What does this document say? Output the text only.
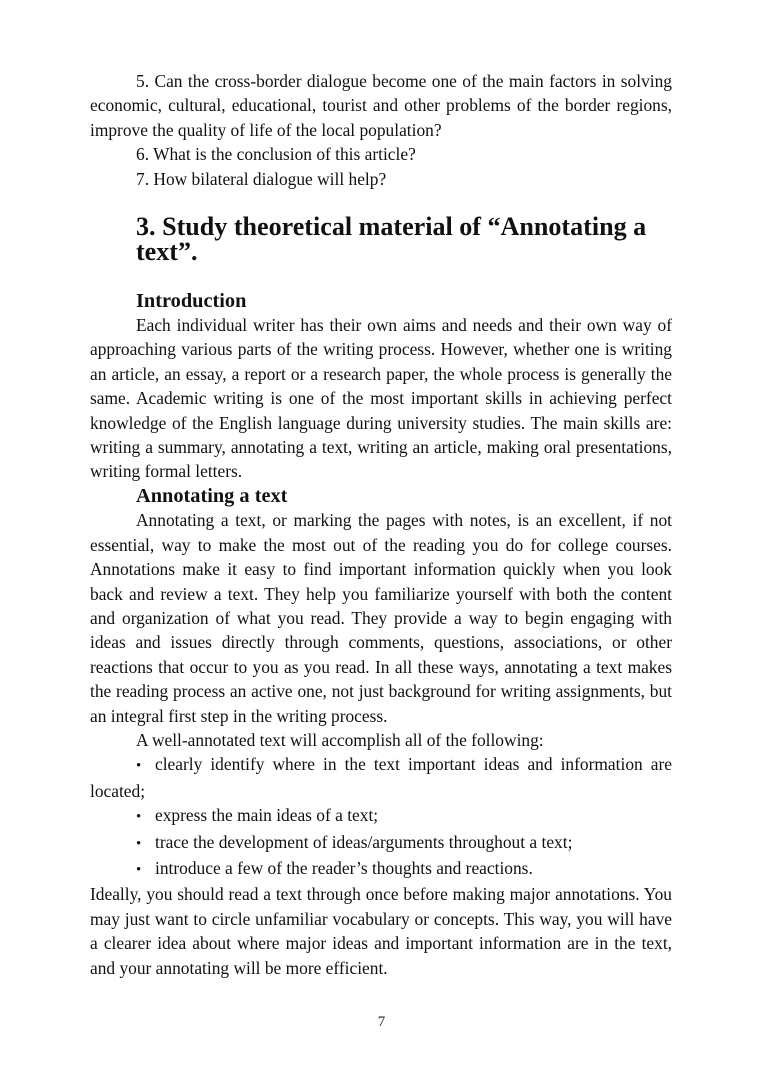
5. Can the cross-border dialogue become one of the main factors in solving economic, cultural, educational, tourist and other problems of the border regions, improve the quality of life of the local population?

6. What is the conclusion of this article?

7. How bilateral dialogue will help?

3. Study theoretical material of “Annotating a text”.
Introduction

Each individual writer has their own aims and needs and their own way of approaching various parts of the writing process. However, whether one is writing an article, an essay, a report or a research paper, the whole process is generally the same. Academic writing is one of the most important skills in achieving perfect knowledge of the English language during university studies. The main skills are: writing a summary, annotating a text, writing an article, making oral presentations, writing formal letters.

Annotating a text

Annotating a text, or marking the pages with notes, is an excellent, if not essential, way to make the most out of the reading you do for college courses. Annotations make it easy to find important information quickly when you look back and review a text. They help you familiarize yourself with both the content and organization of what you read. They provide a way to begin engaging with ideas and issues directly through comments, questions, associations, or other reactions that occur to you as you read. In all these ways, annotating a text makes the reading process an active one, not just background for writing assignments, but an integral first step in the writing process.

A well-annotated text will accomplish all of the following:

• clearly identify where in the text important ideas and information are located;
• express the main ideas of a text;
• trace the development of ideas/arguments throughout a text;
• introduce a few of the reader’s thoughts and reactions.

Ideally, you should read a text through once before making major annotations. You may just want to circle unfamiliar vocabulary or concepts. This way, you will have a clearer idea about where major ideas and important information are in the text, and your annotating will be more efficient.

7
